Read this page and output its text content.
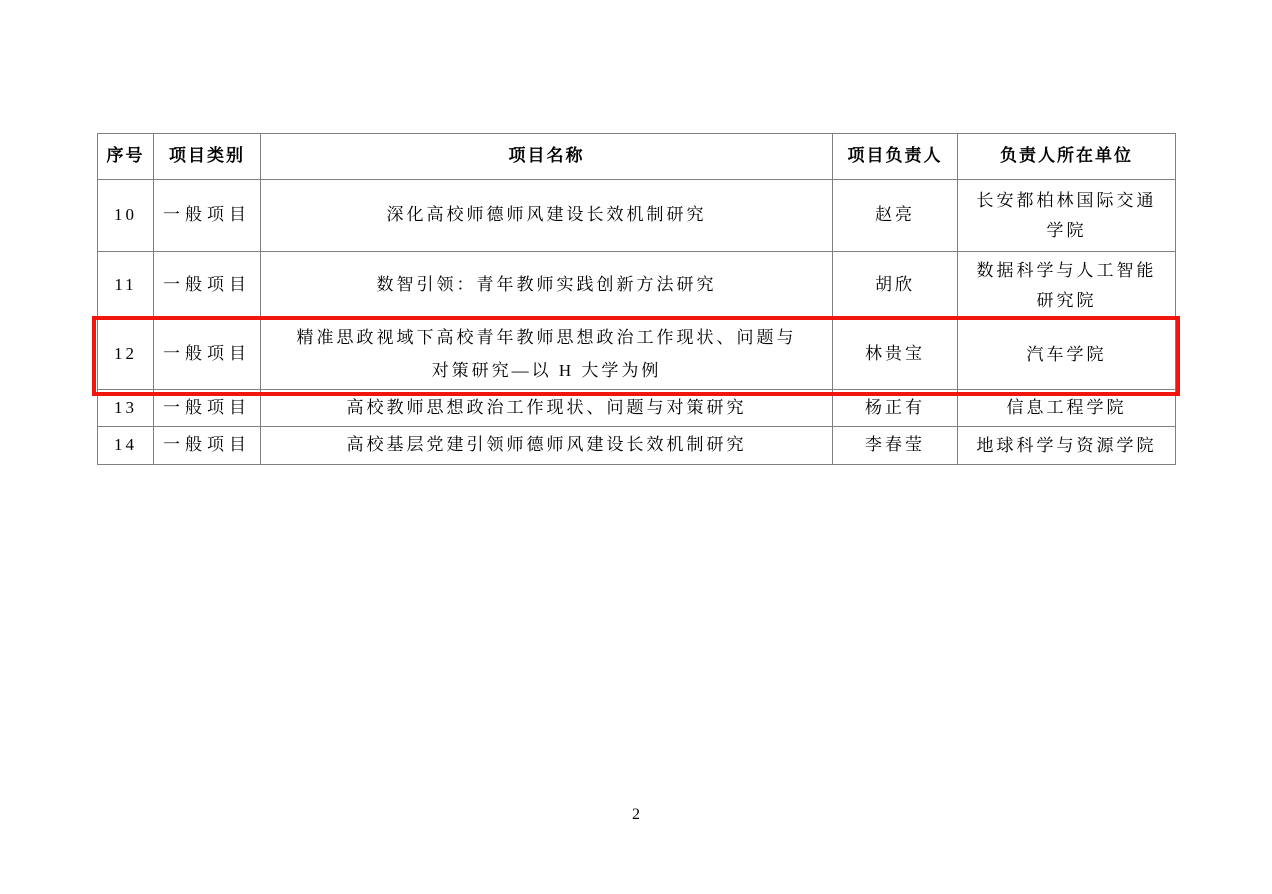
序号	项目类别	项目名称	项目负责人	负责人所在单位
10	一般项目	深化高校师德师风建设长效机制研究	赵亮	长安都柏林国际交通学院
11	一般项目	数智引领：青年教师实践创新方法研究	胡欣	数据科学与人工智能研究院
12	一般项目	精准思政视域下高校青年教师思想政治工作现状、问题与对策研究—以 H 大学为例	林贵宝	汽车学院
13	一般项目	高校教师思想政治工作现状、问题与对策研究	杨正有	信息工程学院
14	一般项目	高校基层党建引领师德师风建设长效机制研究	李春莹	地球科学与资源学院
2
